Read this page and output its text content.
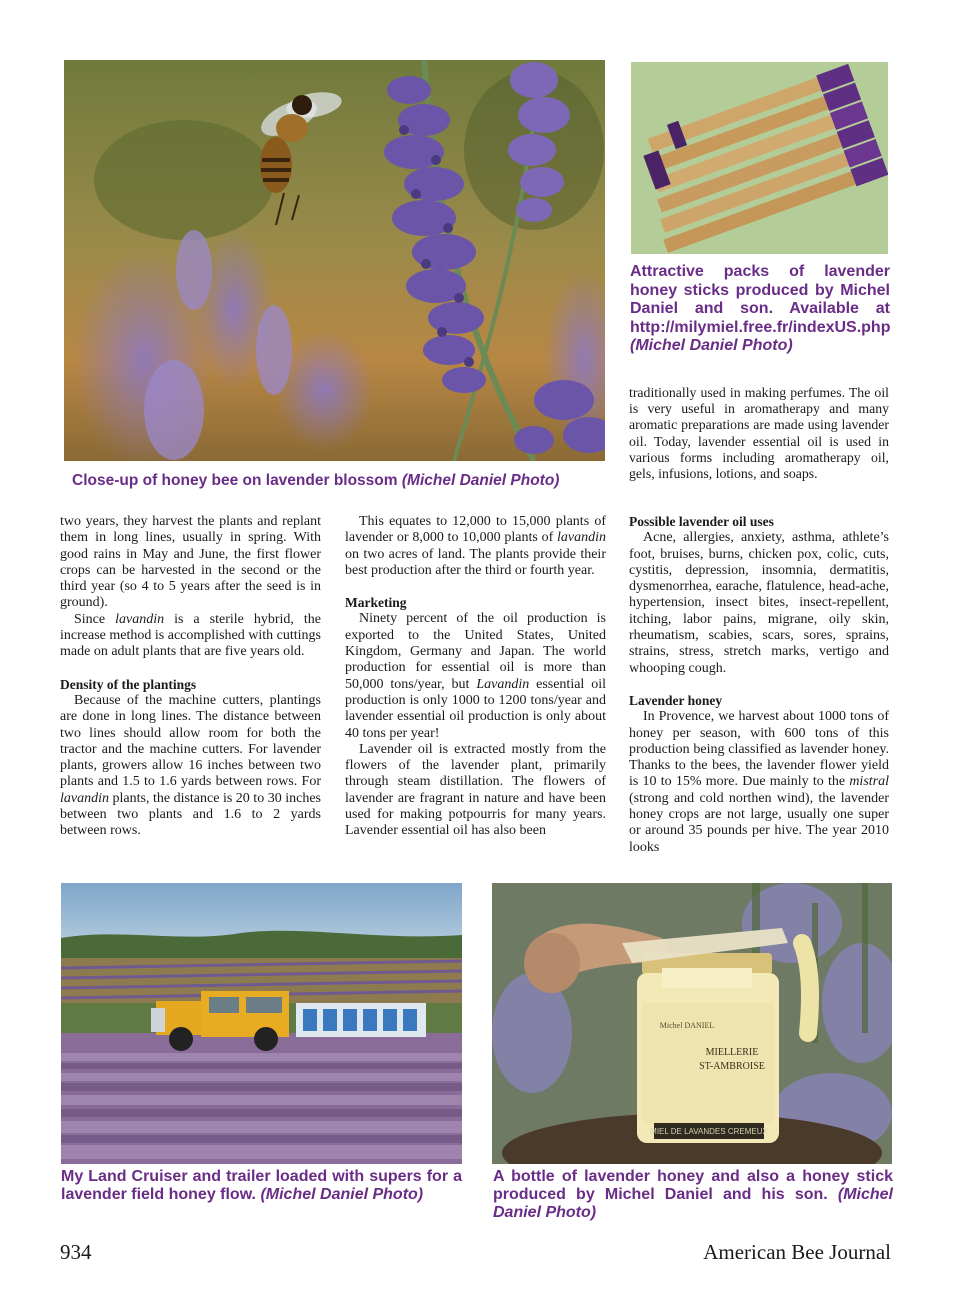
Close-up of honey bee on lavender blossom (Michel Daniel Photo)
Attractive packs of lavender honey sticks produced by Michel Daniel and son. Available at http://milymiel.free.fr/indexUS.php (Michel Daniel Photo)

traditionally used in making perfumes. The oil is very useful in aromatherapy and many aromatic preparations are made using lavender oil. Today, lavender essential oil is used in various forms including aromatherapy oil, gels, infusions, lotions, and soaps.

two years, they harvest the plants and replant them in long lines, usually in spring. With good rains in May and June, the first flower crops can be harvested in the second or the third year (so 4 to 5 years after the seed is in ground).

Since lavandin is a sterile hybrid, the increase method is accomplished with cuttings made on adult plants that are five years old.

Density of the plantings

Because of the machine cutters, plantings are done in long lines. The distance between two lines should allow room for both the tractor and the machine cutters. For lavender plants, growers allow 16 inches between two plants and 1.5 to 1.6 yards between rows. For lavandin plants, the distance is 20 to 30 inches between two plants and 1.6 to 2 yards between rows.

This equates to 12,000 to 15,000 plants of lavender or 8,000 to 10,000 plants of lavandin on two acres of land. The plants provide their best production after the third or fourth year.

Marketing

Ninety percent of the oil production is exported to the United States, United Kingdom, Germany and Japan. The world production for essential oil is more than 50,000 tons/year, but Lavandin essential oil production is only 1000 to 1200 tons/year and lavender essential oil production is only about 40 tons per year!

Lavender oil is extracted mostly from the flowers of the lavender plant, primarily through steam distillation. The flowers of lavender are fragrant in nature and have been used for making potpourris for many years. Lavender essential oil has also been

Possible lavender oil uses

Acne, allergies, anxiety, asthma, athlete’s foot, bruises, burns, chicken pox, colic, cuts, cystitis, depression, insomnia, dermatitis, dysmenorrhea, earache, flatulence, head-ache, hypertension, insect bites, insect-repellent, itching, labor pains, migrane, oily skin, rheumatism, scabies, scars, sores, sprains, strains, stress, stretch marks, vertigo and whooping cough.

Lavender honey

In Provence, we harvest about 1000 tons of honey per season, with 600 tons of this production being classified as lavender honey. Thanks to the bees, the lavender flower yield is 10 to 15% more. Due mainly to the mistral (strong and cold northen wind), the lavender honey crops are not large, usually one super or around 35 pounds per hive. The year 2010 looks

My Land Cruiser and trailer loaded with supers for a lavender field honey flow. (Michel Daniel Photo)
MIEL DE LAVANDES CREMEUX
Michel DANIEL
MIELLERIE
ST-AMBROISE
A bottle of lavender honey and also a honey stick produced by Michel Daniel and his son. (Michel Daniel Photo)
934	American Bee Journal
